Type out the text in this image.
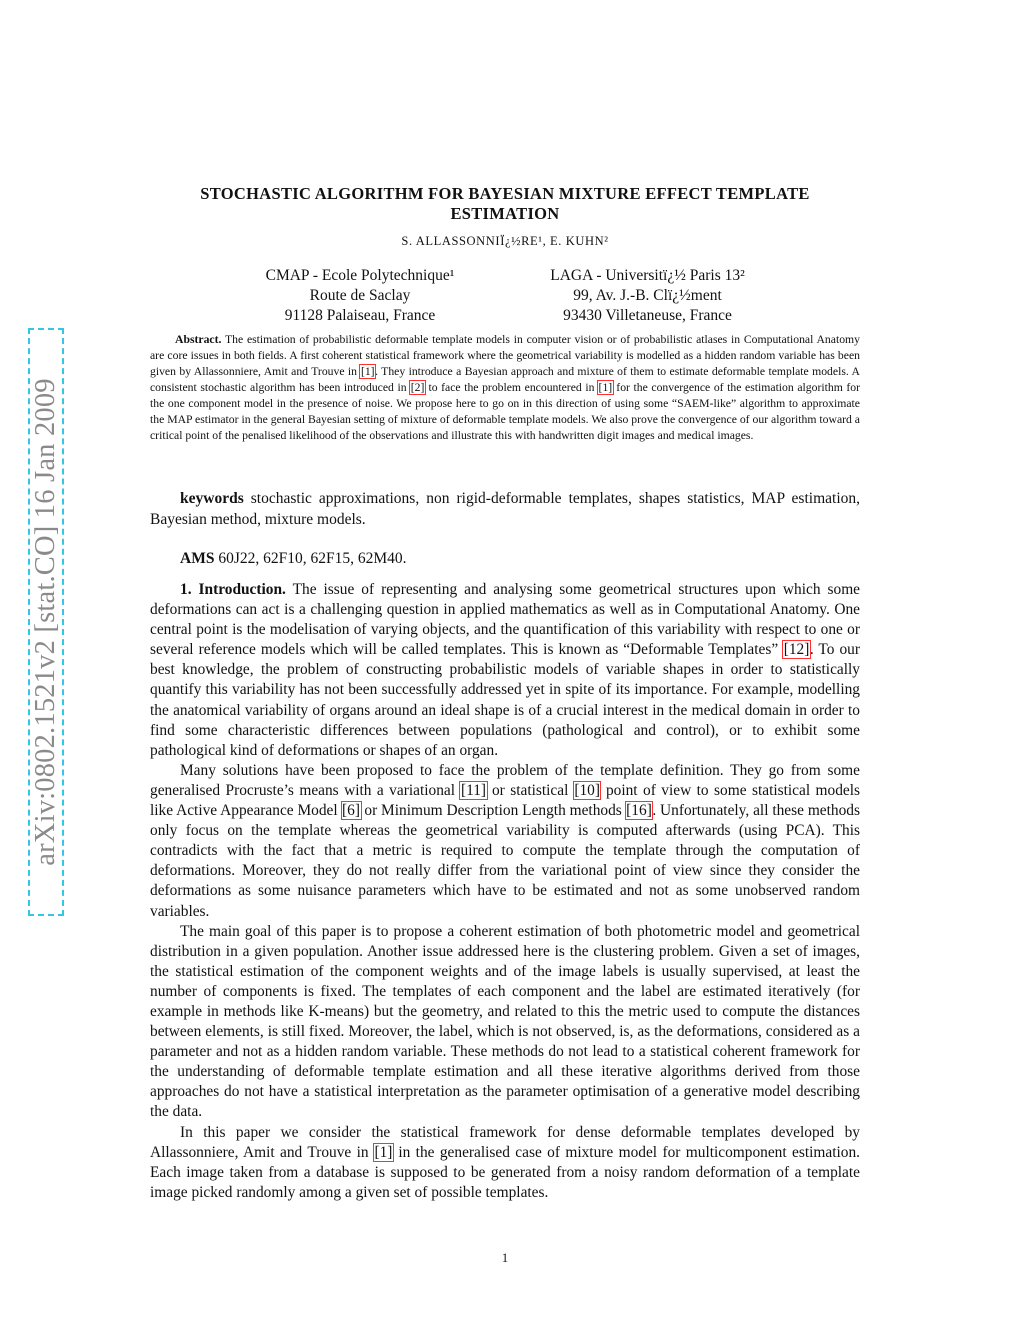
arXiv:0802.1521v2 [stat.CO] 16 Jan 2009
STOCHASTIC ALGORITHM FOR BAYESIAN MIXTURE EFFECT TEMPLATE ESTIMATION
S. ALLASSONNIÏ¿½RE¹, E. KUHN²
CMAP - Ecole Polytechnique¹
Route de Saclay
91128 Palaiseau, France
LAGA - Universitï¿½ Paris 13²
99, Av. J.-B. Clï¿½ment
93430 Villetaneuse, France
Abstract. The estimation of probabilistic deformable template models in computer vision or of probabilistic atlases in Computational Anatomy are core issues in both fields. A first coherent statistical framework where the geometrical variability is modelled as a hidden random variable has been given by Allassonniere, Amit and Trouve in [1]. They introduce a Bayesian approach and mixture of them to estimate deformable template models. A consistent stochastic algorithm has been introduced in [2] to face the problem encountered in [1] for the convergence of the estimation algorithm for the one component model in the presence of noise. We propose here to go on in this direction of using some “SAEM-like” algorithm to approximate the MAP estimator in the general Bayesian setting of mixture of deformable template models. We also prove the convergence of our algorithm toward a critical point of the penalised likelihood of the observations and illustrate this with handwritten digit images and medical images.
keywords stochastic approximations, non rigid-deformable templates, shapes statistics, MAP estimation, Bayesian method, mixture models.
AMS 60J22, 62F10, 62F15, 62M40.

1. Introduction. The issue of representing and analysing some geometrical structures upon which some deformations can act is a challenging question in applied mathematics as well as in Computational Anatomy. One central point is the modelisation of varying objects, and the quantification of this variability with respect to one or several reference models which will be called templates. This is known as “Deformable Templates” [12]. To our best knowledge, the problem of constructing probabilistic models of variable shapes in order to statistically quantify this variability has not been successfully addressed yet in spite of its importance. For example, modelling the anatomical variability of organs around an ideal shape is of a crucial interest in the medical domain in order to find some characteristic differences between populations (pathological and control), or to exhibit some pathological kind of deformations or shapes of an organ.

Many solutions have been proposed to face the problem of the template definition. They go from some generalised Procruste’s means with a variational [11] or statistical [10] point of view to some statistical models like Active Appearance Model [6] or Minimum Description Length methods [16]. Unfortunately, all these methods only focus on the template whereas the geometrical variability is computed afterwards (using PCA). This contradicts with the fact that a metric is required to compute the template through the computation of deformations. Moreover, they do not really differ from the variational point of view since they consider the deformations as some nuisance parameters which have to be estimated and not as some unobserved random variables.

The main goal of this paper is to propose a coherent estimation of both photometric model and geometrical distribution in a given population. Another issue addressed here is the clustering problem. Given a set of images, the statistical estimation of the component weights and of the image labels is usually supervised, at least the number of components is fixed. The templates of each component and the label are estimated iteratively (for example in methods like K-means) but the geometry, and related to this the metric used to compute the distances between elements, is still fixed. Moreover, the label, which is not observed, is, as the deformations, considered as a parameter and not as a hidden random variable. These methods do not lead to a statistical coherent framework for the understanding of deformable template estimation and all these iterative algorithms derived from those approaches do not have a statistical interpretation as the parameter optimisation of a generative model describing the data.

In this paper we consider the statistical framework for dense deformable templates developed by Allassonniere, Amit and Trouve in [1] in the generalised case of mixture model for multicomponent estimation. Each image taken from a database is supposed to be generated from a noisy random deformation of a template image picked randomly among a given set of possible templates.

1
